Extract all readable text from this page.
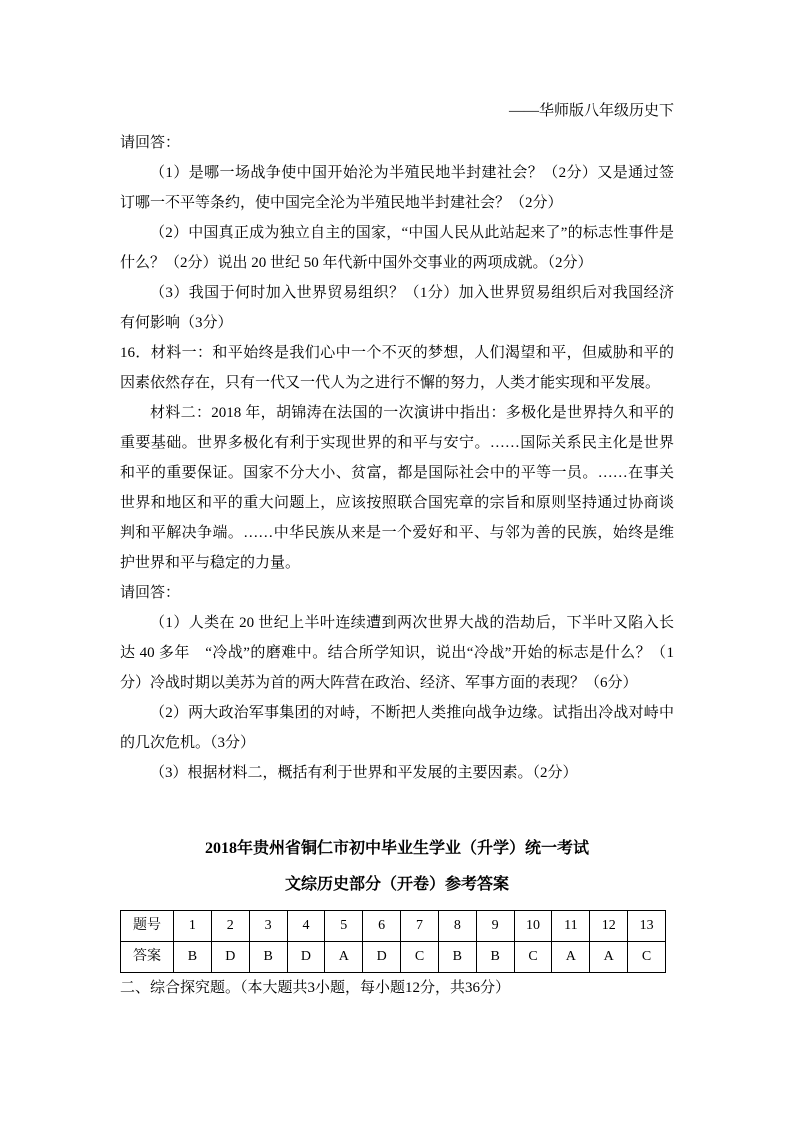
——华师版八年级历史下

请回答：

（1）是哪一场战争使中国开始沦为半殖民地半封建社会？（2分）又是通过签订哪一不平等条约，使中国完全沦为半殖民地半封建社会？（2分）

（2）中国真正成为独立自主的国家，“中国人民从此站起来了”的标志性事件是什么？（2分）说出 20 世纪 50 年代新中国外交事业的两项成就。（2分）

（3）我国于何时加入世界贸易组织？（1分）加入世界贸易组织后对我国经济有何影响（3分）

16．材料一：和平始终是我们心中一个不灭的梦想，人们渴望和平，但威胁和平的因素依然存在，只有一代又一代人为之进行不懈的努力，人类才能实现和平发展。

材料二：2018 年，胡锦涛在法国的一次演讲中指出：多极化是世界持久和平的重要基础。世界多极化有利于实现世界的和平与安宁。……国际关系民主化是世界和平的重要保证。国家不分大小、贫富，都是国际社会中的平等一员。……在事关世界和地区和平的重大问题上，应该按照联合国宪章的宗旨和原则坚持通过协商谈判和平解决争端。……中华民族从来是一个爱好和平、与邻为善的民族，始终是维护世界和平与稳定的力量。

请回答：

（1）人类在 20 世纪上半叶连续遭到两次世界大战的浩劫后，下半叶又陷入长达 40 多年　“冷战”的磨难中。结合所学知识，说出“冷战”开始的标志是什么？（1分）冷战时期以美苏为首的两大阵营在政治、经济、军事方面的表现？（6分）

（2）两大政治军事集团的对峙，不断把人类推向战争边缘。试指出冷战对峙中的几次危机。（3分）

（3）根据材料二，概括有利于世界和平发展的主要因素。（2分）

2018年贵州省铜仁市初中毕业生学业（升学）统一考试
文综历史部分（开卷）参考答案
题号	1	2	3	4	5	6	7	8	9	10	11	12	13
答案	B	D	B	D	A	D	C	B	B	C	A	A	C

二、综合探究题。（本大题共3小题，每小题12分，共36分）
